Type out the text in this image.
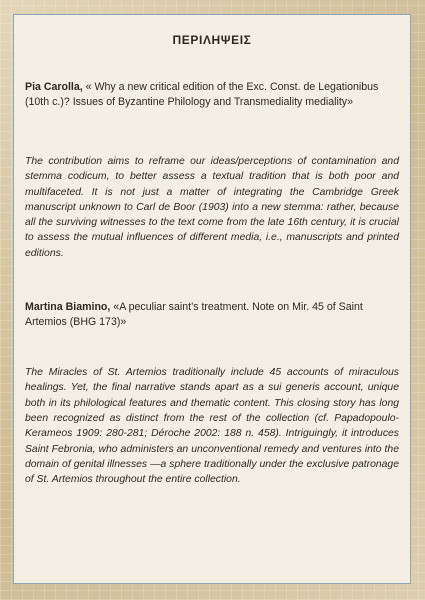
ΠΕΡΙΛΗΨΕΙΣ

Pia Carolla, « Why a new critical edition of the Exc. Const. de Legationibus (10th c.)? Issues of Byzantine Philology and Transmediality mediality»

The contribution aims to reframe our ideas/perceptions of contamination and stemma codicum, to better assess a textual tradition that is both poor and multifaceted. It is not just a matter of integrating the Cambridge Greek manuscript unknown to Carl de Boor (1903) into a new stemma: rather, because all the surviving witnesses to the text come from the late 16th century, it is crucial to assess the mutual influences of different media, i.e., manuscripts and printed editions.

Martina Biamino, «A peculiar saint’s treatment. Note on Mir. 45 of Saint Artemios (BHG 173)»

The Miracles of St. Artemios traditionally include 45 accounts of miraculous healings. Yet, the final narrative stands apart as a sui generis account, unique both in its philological features and thematic content. This closing story has long been recognized as distinct from the rest of the collection (cf. Papadopoulo-Kerameos 1909: 280-281; Déroche 2002: 188 n. 458). Intriguingly, it introduces Saint Febronia, who administers an unconventional remedy and ventures into the domain of genital illnesses —a sphere traditionally under the exclusive patronage of St. Artemios throughout the entire collection.
